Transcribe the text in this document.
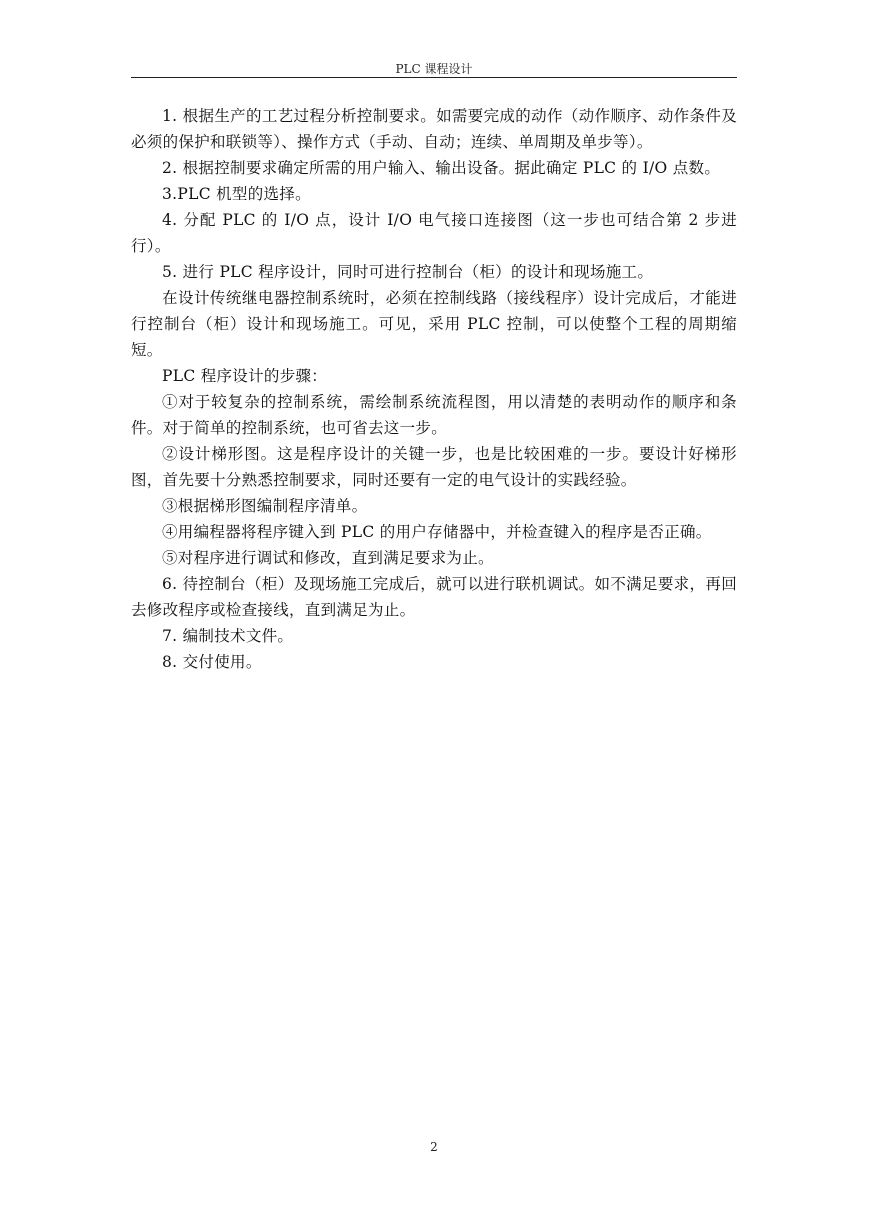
PLC 课程设计

1. 根据生产的工艺过程分析控制要求。如需要完成的动作（动作顺序、动作条件及必须的保护和联锁等）、操作方式（手动、自动；连续、单周期及单步等）。

2. 根据控制要求确定所需的用户输入、输出设备。据此确定 PLC 的 I/O 点数。

3.PLC 机型的选择。

4. 分配 PLC 的 I/O 点，设计 I/O 电气接口连接图（这一步也可结合第 2 步进行）。

5. 进行 PLC 程序设计，同时可进行控制台（柜）的设计和现场施工。

在设计传统继电器控制系统时，必须在控制线路（接线程序）设计完成后，才能进行控制台（柜）设计和现场施工。可见，采用 PLC 控制，可以使整个工程的周期缩短。

PLC 程序设计的步骤：

①对于较复杂的控制系统，需绘制系统流程图，用以清楚的表明动作的顺序和条件。对于简单的控制系统，也可省去这一步。

②设计梯形图。这是程序设计的关键一步，也是比较困难的一步。要设计好梯形图，首先要十分熟悉控制要求，同时还要有一定的电气设计的实践经验。

③根据梯形图编制程序清单。

④用编程器将程序键入到 PLC 的用户存储器中，并检查键入的程序是否正确。

⑤对程序进行调试和修改，直到满足要求为止。

6. 待控制台（柜）及现场施工完成后，就可以进行联机调试。如不满足要求，再回去修改程序或检查接线，直到满足为止。

7. 编制技术文件。

8. 交付使用。

2
